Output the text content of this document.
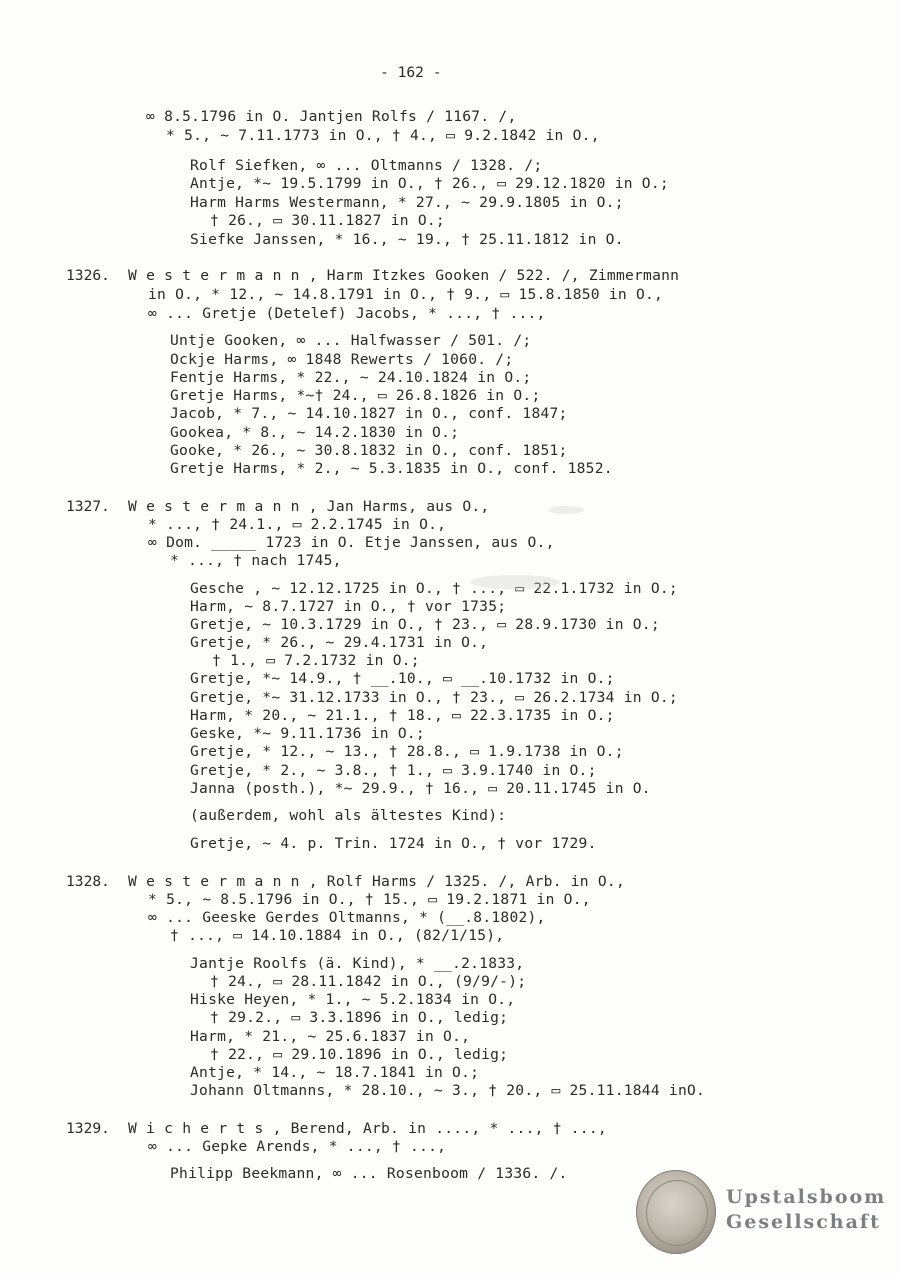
- 162 -
1326.
1327.
1328.
1329.
∞ 8.5.1796 in O. Jantjen Rolfs / 1167. /,
* 5., ~ 7.11.1773 in O., † 4., ▭ 9.2.1842 in O.,
Rolf Siefken, ∞ ... Oltmanns / 1328. /;
Antje, *~ 19.5.1799 in O., † 26., ▭ 29.12.1820 in O.;
Harm Harms Westermann, * 27., ~ 29.9.1805 in O.;
† 26., ▭ 30.11.1827 in O.;
Siefke Janssen, * 16., ~ 19., † 25.11.1812 in O.
W e s t e r m a n n , Harm Itzkes Gooken / 522. /, Zimmermann
in O., * 12., ~ 14.8.1791 in O., † 9., ▭ 15.8.1850 in O.,
∞ ... Gretje (Detelef) Jacobs, * ..., † ...,
Untje Gooken, ∞ ... Halfwasser / 501. /;
Ockje Harms, ∞ 1848 Rewerts / 1060. /;
Fentje Harms, * 22., ~ 24.10.1824 in O.;
Gretje Harms, *~† 24., ▭ 26.8.1826 in O.;
Jacob, * 7., ~ 14.10.1827 in O., conf. 1847;
Gookea, * 8., ~ 14.2.1830 in O.;
Gooke, * 26., ~ 30.8.1832 in O., conf. 1851;
Gretje Harms, * 2., ~ 5.3.1835 in O., conf. 1852.
W e s t e r m a n n , Jan Harms, aus O.,
* ..., † 24.1., ▭ 2.2.1745 in O.,
∞ Dom. _____ 1723 in O. Etje Janssen, aus O.,
* ..., † nach 1745,
Gesche , ~ 12.12.1725 in O., † ..., ▭ 22.1.1732 in O.;
Harm, ~ 8.7.1727 in O., † vor 1735;
Gretje, ~ 10.3.1729 in O., † 23., ▭ 28.9.1730 in O.;
Gretje, * 26., ~ 29.4.1731 in O.,
† 1., ▭ 7.2.1732 in O.;
Gretje, *~ 14.9., † __.10., ▭ __.10.1732 in O.;
Gretje, *~ 31.12.1733 in O., † 23., ▭ 26.2.1734 in O.;
Harm, * 20., ~ 21.1., † 18., ▭ 22.3.1735 in O.;
Geske, *~ 9.11.1736 in O.;
Gretje, * 12., ~ 13., † 28.8., ▭ 1.9.1738 in O.;
Gretje, * 2., ~ 3.8., † 1., ▭ 3.9.1740 in O.;
Janna (posth.), *~ 29.9., † 16., ▭ 20.11.1745 in O.
(außerdem, wohl als ältestes Kind):
Gretje, ~ 4. p. Trin. 1724 in O., † vor 1729.
W e s t e r m a n n , Rolf Harms / 1325. /, Arb. in O.,
* 5., ~ 8.5.1796 in O., † 15., ▭ 19.2.1871 in O.,
∞ ... Geeske Gerdes Oltmanns, * (__.8.1802),
† ..., ▭ 14.10.1884 in O., (82/1/15),
Jantje Roolfs (ä. Kind), * __.2.1833,
† 24., ▭ 28.11.1842 in O., (9/9/-);
Hiske Heyen, * 1., ~ 5.2.1834 in O.,
† 29.2., ▭ 3.3.1896 in O., ledig;
Harm, * 21., ~ 25.6.1837 in O.,
† 22., ▭ 29.10.1896 in O., ledig;
Antje, * 14., ~ 18.7.1841 in O.;
Johann Oltmanns, * 28.10., ~ 3., † 20., ▭ 25.11.1844 inO.
W i c h e r t s , Berend, Arb. in ...., * ..., † ...,
∞ ... Gepke Arends, * ..., † ...,
Philipp Beekmann, ∞ ... Rosenboom / 1336. /.
Upstalsboom
Gesellschaft
